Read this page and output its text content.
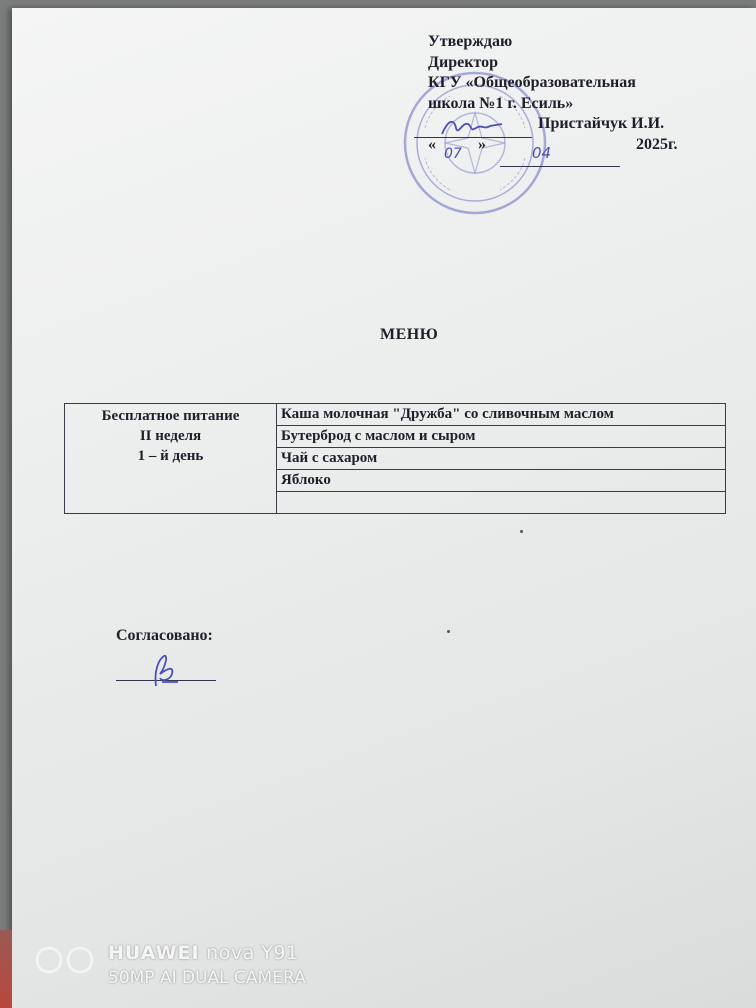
Утверждаю
Директор
КГУ «Общеобразовательная
школа №1 г. Есиль»
Пристайчук И.И.
«	»	2025г.
07	04
МЕНЮ
Бесплатное питание
II неделя
1 – й день
	Каша молочная "Дружба" со сливочным маслом
Бутерброд с маслом и сыром
Чай с сахаром
Яблоко

Согласовано:
HUAWEI nova Y91
50MP AI DUAL CAMERA
